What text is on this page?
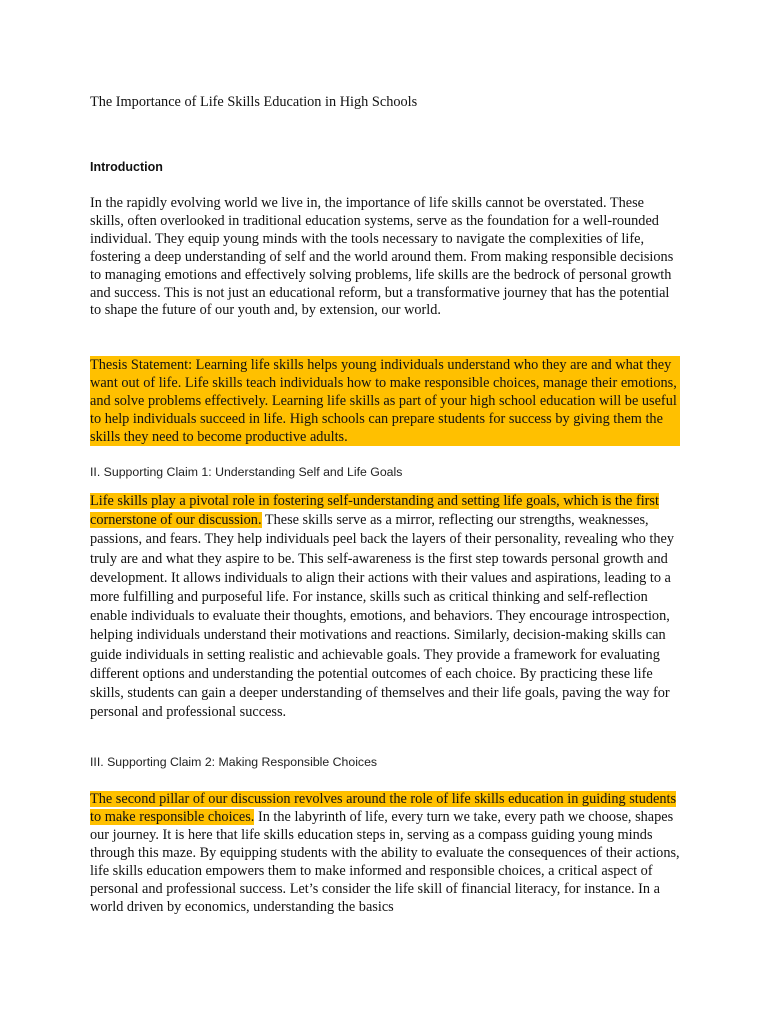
The Importance of Life Skills Education in High Schools

Introduction

In the rapidly evolving world we live in, the importance of life skills cannot be overstated. These skills, often overlooked in traditional education systems, serve as the foundation for a well-rounded individual. They equip young minds with the tools necessary to navigate the complexities of life, fostering a deep understanding of self and the world around them. From making responsible decisions to managing emotions and effectively solving problems, life skills are the bedrock of personal growth and success. This is not just an educational reform, but a transformative journey that has the potential to shape the future of our youth and, by extension, our world.

Thesis Statement: Learning life skills helps young individuals understand who they are and what they want out of life. Life skills teach individuals how to make responsible choices, manage their emotions, and solve problems effectively. Learning life skills as part of your high school education will be useful to help individuals succeed in life. High schools can prepare students for success by giving them the skills they need to become productive adults.

II. Supporting Claim 1: Understanding Self and Life Goals

Life skills play a pivotal role in fostering self-understanding and setting life goals, which is the first cornerstone of our discussion. These skills serve as a mirror, reflecting our strengths, weaknesses, passions, and fears. They help individuals peel back the layers of their personality, revealing who they truly are and what they aspire to be. This self-awareness is the first step towards personal growth and development. It allows individuals to align their actions with their values and aspirations, leading to a more fulfilling and purposeful life. For instance, skills such as critical thinking and self-reflection enable individuals to evaluate their thoughts, emotions, and behaviors. They encourage introspection, helping individuals understand their motivations and reactions. Similarly, decision-making skills can guide individuals in setting realistic and achievable goals. They provide a framework for evaluating different options and understanding the potential outcomes of each choice. By practicing these life skills, students can gain a deeper understanding of themselves and their life goals, paving the way for personal and professional success.

III. Supporting Claim 2: Making Responsible Choices

The second pillar of our discussion revolves around the role of life skills education in guiding students to make responsible choices. In the labyrinth of life, every turn we take, every path we choose, shapes our journey. It is here that life skills education steps in, serving as a compass guiding young minds through this maze. By equipping students with the ability to evaluate the consequences of their actions, life skills education empowers them to make informed and responsible choices, a critical aspect of personal and professional success. Let’s consider the life skill of financial literacy, for instance. In a world driven by economics, understanding the basics
